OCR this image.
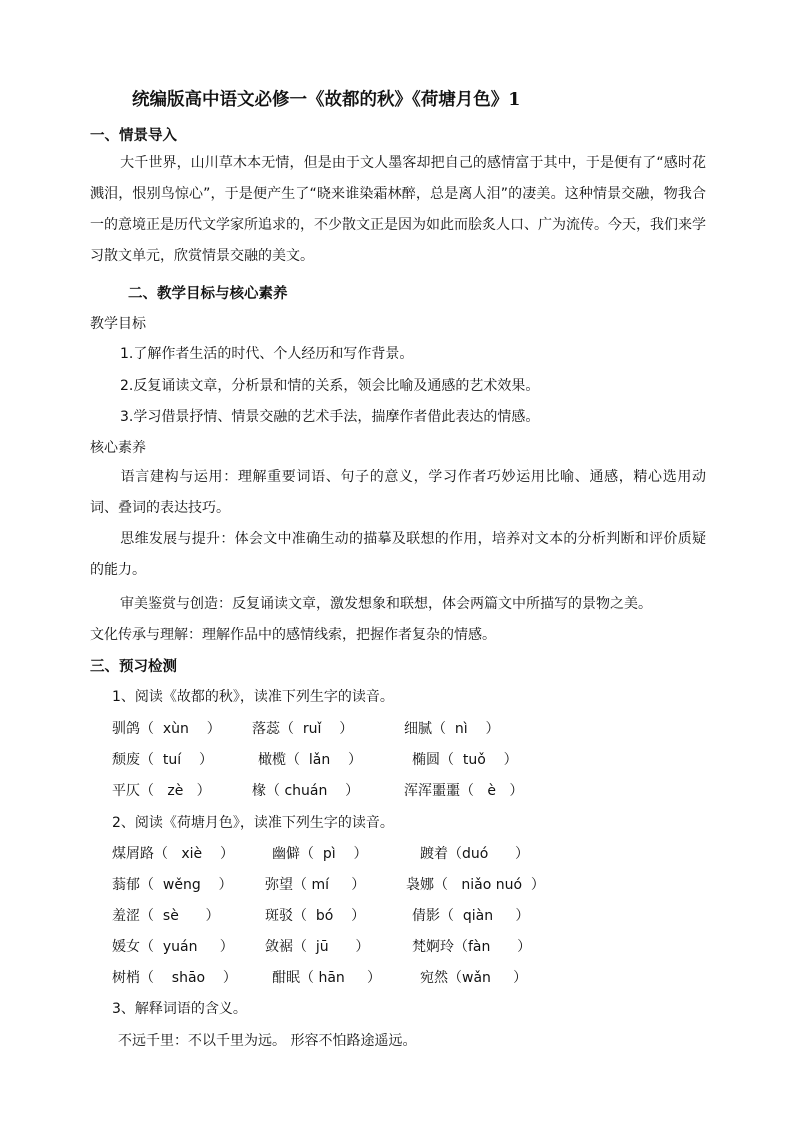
统编版高中语文必修一《故都的秋》《荷塘月色》1
一、情景导入
大千世界，山川草木本无情，但是由于文人墨客却把自己的感情富于其中，于是便有了“感时花溅泪，恨别鸟惊心”，于是便产生了“晓来谁染霜林醉，总是离人泪”的凄美。这种情景交融，物我合一的意境正是历代文学家所追求的，不少散文正是因为如此而脍炙人口、广为流传。今天，我们来学习散文单元，欣赏情景交融的美文。
二、教学目标与核心素养
教学目标
1.了解作者生活的时代、个人经历和写作背景。
2.反复诵读文章，分析景和情的关系，领会比喻及通感的艺术效果。
3.学习借景抒情、情景交融的艺术手法，揣摩作者借此表达的情感。
核心素养
语言建构与运用：理解重要词语、句子的意义，学习作者巧妙运用比喻、通感，精心选用动词、叠词的表达技巧。
思维发展与提升：体会文中准确生动的描摹及联想的作用，培养对文本的分析判断和评价质疑的能力。
审美鉴赏与创造：反复诵读文章，激发想象和联想，体会两篇文中所描写的景物之美。
文化传承与理解：理解作品中的感情线索，把握作者复杂的情感。
三、预习检测
1、阅读《故都的秋》，读准下列生字的读音。
驯鸽（  xùn    ） 落蕊（  ruǐ    ）	细腻（  nì    ）
颓废（  tuí    ）	橄榄（  lǎn    ）	椭圆（  tuǒ    ）
平仄（   zè   ）	椽（ chuán    ）	浑浑噩噩（   è   ）
2、阅读《荷塘月色》，读准下列生字的读音。
煤屑路（   xiè    ）	幽僻（  pì    ）	踱着（duó      ）
蓊郁（  wěng    ） 弥望（ mí     ）	袅娜（   niǎo nuó  ）
羞涩（  sè      ）	斑驳（  bó    ）	倩影（  qiàn     ）
媛女（  yuán     ） 敛裾（  jū      ）	梵婀玲（fàn      ）
树梢（    shāo    ）	酣眠（ hān     ）	宛然（wǎn     ）
3、解释词语的含义。
不远千里：不以千里为远。 形容不怕路途遥远。
